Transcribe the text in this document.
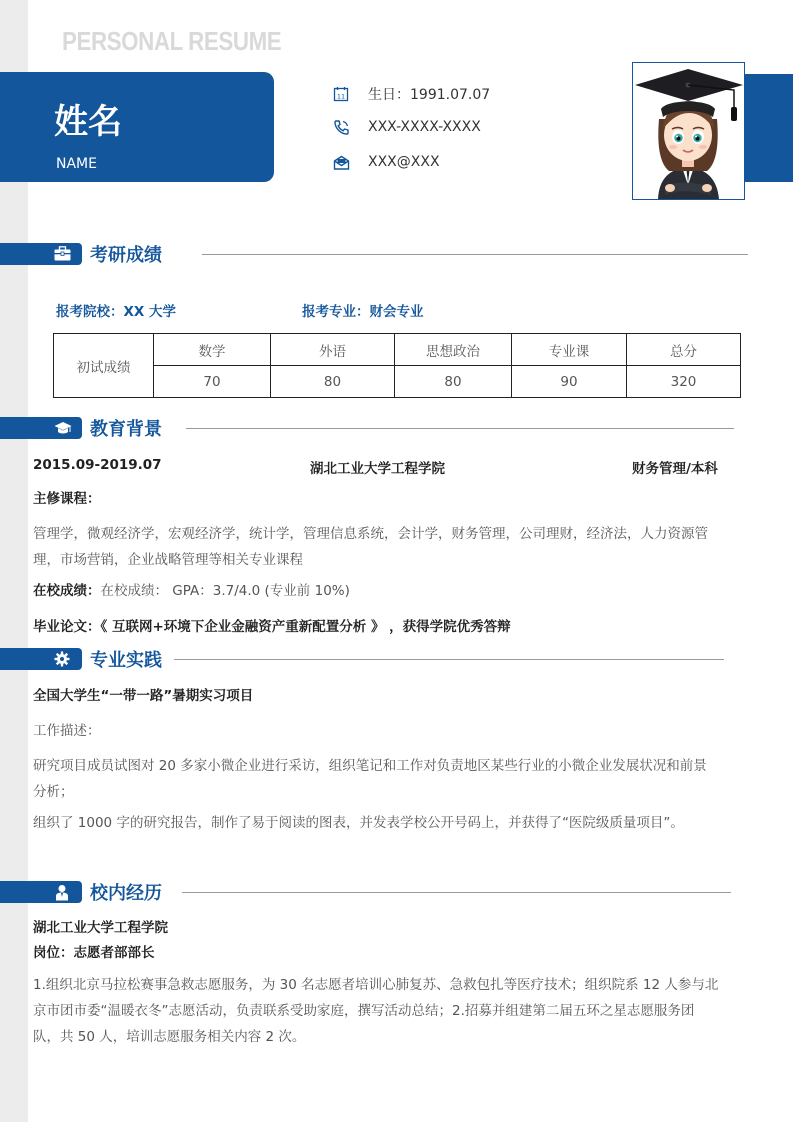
PERSONAL RESUME
姓名
NAME
11 生日：1991.07.07
XXX-XXXX-XXXX
XXX@XXX
考研成绩
报考院校：XX 大学	报考专业：财会专业
初试成绩	数学	外语	思想政治	专业课	总分
	70	80	80	90	320
教育背景
2015.09-2019.07	湖北工业大学工程学院	财务管理/本科
主修课程：
管理学，微观经济学，宏观经济学，统计学，管理信息系统，会计学，财务管理，公司理财，经济法，人力资源管
理，市场营销，企业战略管理等相关专业课程
在校成绩：在校成绩： GPA：3.7/4.0 (专业前 10%)
毕业论文：《 互联网+环境下企业金融资产重新配置分析 》 ，获得学院优秀答辩
专业实践
全国大学生“一带一路”暑期实习项目
工作描述：
研究项目成员试图对 20 多家小微企业进行采访，组织笔记和工作对负责地区某些行业的小微企业发展状况和前景
分析；
组织了 1000 字的研究报告，制作了易于阅读的图表，并发表学校公开号码上，并获得了“医院级质量项目”。
校内经历
湖北工业大学工程学院
岗位：志愿者部部长
1.组织北京马拉松赛事急救志愿服务，为 30 名志愿者培训心肺复苏、急救包扎等医疗技术；组织院系 12 人参与北
京市团市委“温暖衣冬”志愿活动，负责联系受助家庭，撰写活动总结；2.招募并组建第二届五环之星志愿服务团
队，共 50 人，培训志愿服务相关内容 2 次。
